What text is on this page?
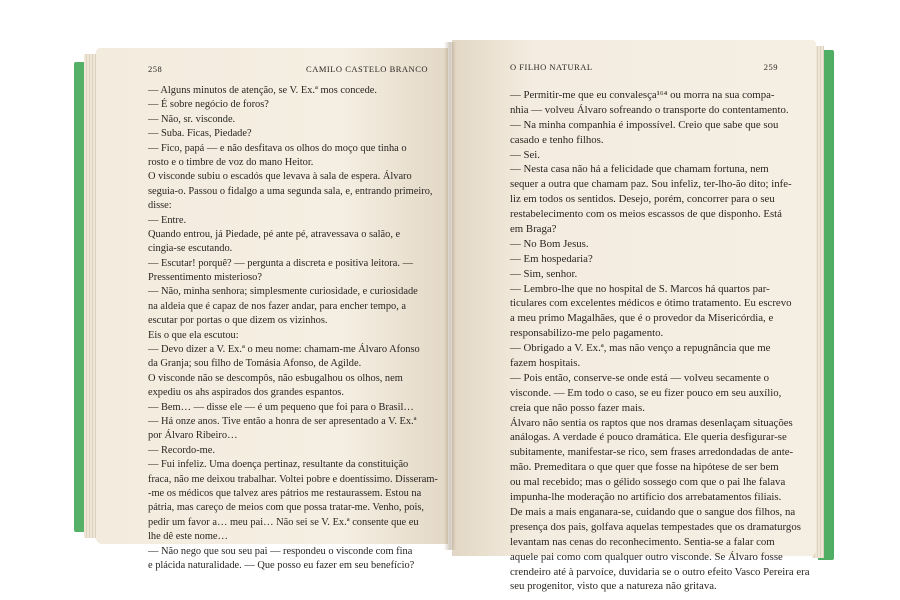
258	CAMILO CASTELO BRANCO
— Alguns minutos de atenção, se V. Ex.ª mos concede.
— É sobre negócio de foros?
— Não, sr. visconde.
— Suba. Ficas, Piedade?
— Fico, papá — e não desfitava os olhos do moço que tinha o
rosto e o timbre de voz do mano Heitor.
O visconde subiu o escadós que levava à sala de espera. Álvaro
seguia-o. Passou o fidalgo a uma segunda sala, e, entrando primeiro,
disse:
— Entre.
Quando entrou, já Piedade, pé ante pé, atravessava o salão, e
cingia-se escutando.
— Escutar! porquê? — pergunta a discreta e positiva leitora. —
Pressentimento misterioso?
— Não, minha senhora; simplesmente curiosidade, e curiosidade
na aldeia que é capaz de nos fazer andar, para encher tempo, a
escutar por portas o que dizem os vizinhos.
Eis o que ela escutou:
— Devo dizer a V. Ex.ª o meu nome: chamam-me Álvaro Afonso
da Granja; sou filho de Tomásia Afonso, de Agilde.
O visconde não se descompôs, não esbugalhou os olhos, nem
expediu os ahs aspirados dos grandes espantos.
— Bem… — disse ele — é um pequeno que foi para o Brasil…
— Há onze anos. Tive então a honra de ser apresentado a V. Ex.ª
por Álvaro Ribeiro…
— Recordo-me.
— Fui infeliz. Uma doença pertinaz, resultante da constituição
fraca, não me deixou trabalhar. Voltei pobre e doentíssimo. Disseram-
-me os médicos que talvez ares pátrios me restaurassem. Estou na
pátria, mas careço de meios com que possa tratar-me. Venho, pois,
pedir um favor a… meu pai… Não sei se V. Ex.ª consente que eu
lhe dê este nome…
— Não nego que sou seu pai — respondeu o visconde com fina
e plácida naturalidade. — Que posso eu fazer em seu benefício?
O FILHO NATURAL	259
— Permitir-me que eu convalesça¹⁶⁴ ou morra na sua compa-
nhia — volveu Álvaro sofreando o transporte do contentamento.
— Na minha companhia é impossível. Creio que sabe que sou
casado e tenho filhos.
— Sei.
— Nesta casa não há a felicidade que chamam fortuna, nem
sequer a outra que chamam paz. Sou infeliz, ter-lho-ão dito; infe-
liz em todos os sentidos. Desejo, porém, concorrer para o seu
restabelecimento com os meios escassos de que disponho. Está
em Braga?
— No Bom Jesus.
— Em hospedaria?
— Sim, senhor.
— Lembro-lhe que no hospital de S. Marcos há quartos par-
ticulares com excelentes médicos e ótimo tratamento. Eu escrevo
a meu primo Magalhães, que é o provedor da Misericórdia, e
responsabilizo-me pelo pagamento.
— Obrigado a V. Ex.ª, mas não venço a repugnância que me
fazem hospitais.
— Pois então, conserve-se onde está — volveu secamente o
visconde. — Em todo o caso, se eu fizer pouco em seu auxílio,
creia que não posso fazer mais.
Álvaro não sentia os raptos que nos dramas desenlaçam situações
análogas. A verdade é pouco dramática. Ele queria desfigurar-se
subitamente, manifestar-se rico, sem frases arredondadas de ante-
mão. Premeditara o que quer que fosse na hipótese de ser bem
ou mal recebido; mas o gélido sossego com que o pai lhe falava
impunha-lhe moderação no artifício dos arrebatamentos filiais.
De mais a mais enganara-se, cuidando que o sangue dos filhos, na
presença dos pais, golfava aquelas tempestades que os dramaturgos
levantam nas cenas do reconhecimento. Sentia-se a falar com
aquele pai como com qualquer outro visconde. Se Álvaro fosse
crendeiro até à parvoíce, duvidaria se o outro efeito Vasco Pereira era
seu progenitor, visto que a natureza não gritava.
